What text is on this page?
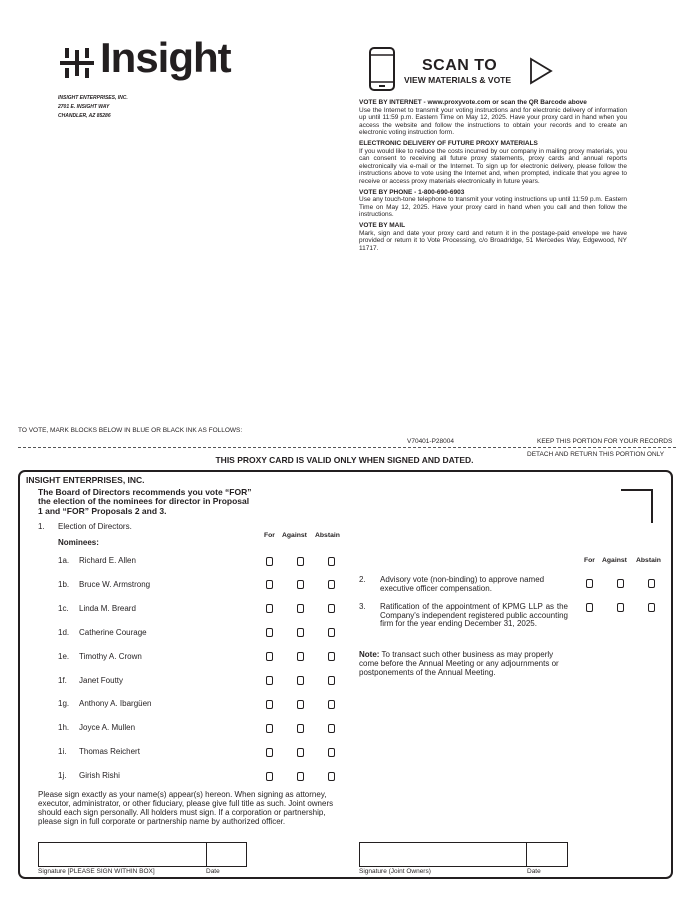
Insight
INSIGHT ENTERPRISES, INC.
2701 E. INSIGHT WAY
CHANDLER, AZ 85286
SCAN TO
VIEW MATERIALS & VOTE
VOTE BY INTERNET - www.proxyvote.com or scan the QR Barcode above

Use the Internet to transmit your voting instructions and for electronic delivery of information up until 11:59 p.m. Eastern Time on May 12, 2025. Have your proxy card in hand when you access the website and follow the instructions to obtain your records and to create an electronic voting instruction form.

ELECTRONIC DELIVERY OF FUTURE PROXY MATERIALS

If you would like to reduce the costs incurred by our company in mailing proxy materials, you can consent to receiving all future proxy statements, proxy cards and annual reports electronically via e-mail or the Internet. To sign up for electronic delivery, please follow the instructions above to vote using the Internet and, when prompted, indicate that you agree to receive or access proxy materials electronically in future years.

VOTE BY PHONE - 1-800-690-6903

Use any touch-tone telephone to transmit your voting instructions up until 11:59 p.m. Eastern Time on May 12, 2025. Have your proxy card in hand when you call and then follow the instructions.

VOTE BY MAIL

Mark, sign and date your proxy card and return it in the postage-paid envelope we have provided or return it to Vote Processing, c/o Broadridge, 51 Mercedes Way, Edgewood, NY 11717.

TO VOTE, MARK BLOCKS BELOW IN BLUE OR BLACK INK AS FOLLOWS:
V70401-P28004	KEEP THIS PORTION FOR YOUR RECORDS
DETACH AND RETURN THIS PORTION ONLY
THIS PROXY CARD IS VALID ONLY WHEN SIGNED AND DATED.
INSIGHT ENTERPRISES, INC.
The Board of Directors recommends you vote “FOR” the election of the nominees for director in Proposal 1 and “FOR” Proposals 2 and 3.
1. Election of Directors.
Nominees:
For Against Abstain
1a. Richard E. Allen
1b. Bruce W. Armstrong
1c. Linda M. Breard
1d. Catherine Courage
1e. Timothy A. Crown
1f. Janet Foutty
1g. Anthony A. Ibargüen
1h. Joyce A. Mullen
1i. Thomas Reichert
1j. Girish Rishi
For Against Abstain
2. Advisory vote (non-binding) to approve named executive officer compensation.
3. Ratification of the appointment of KPMG LLP as the Company's independent registered public accounting firm for the year ending December 31, 2025.
Note: To transact such other business as may properly come before the Annual Meeting or any adjournments or postponements of the Annual Meeting.
Please sign exactly as your name(s) appear(s) hereon. When signing as attorney, executor, administrator, or other fiduciary, please give full title as such. Joint owners should each sign personally. All holders must sign. If a corporation or partnership, please sign in full corporate or partnership name by authorized officer.
Signature [PLEASE SIGN WITHIN BOX]	Date	Signature (Joint Owners)	Date
